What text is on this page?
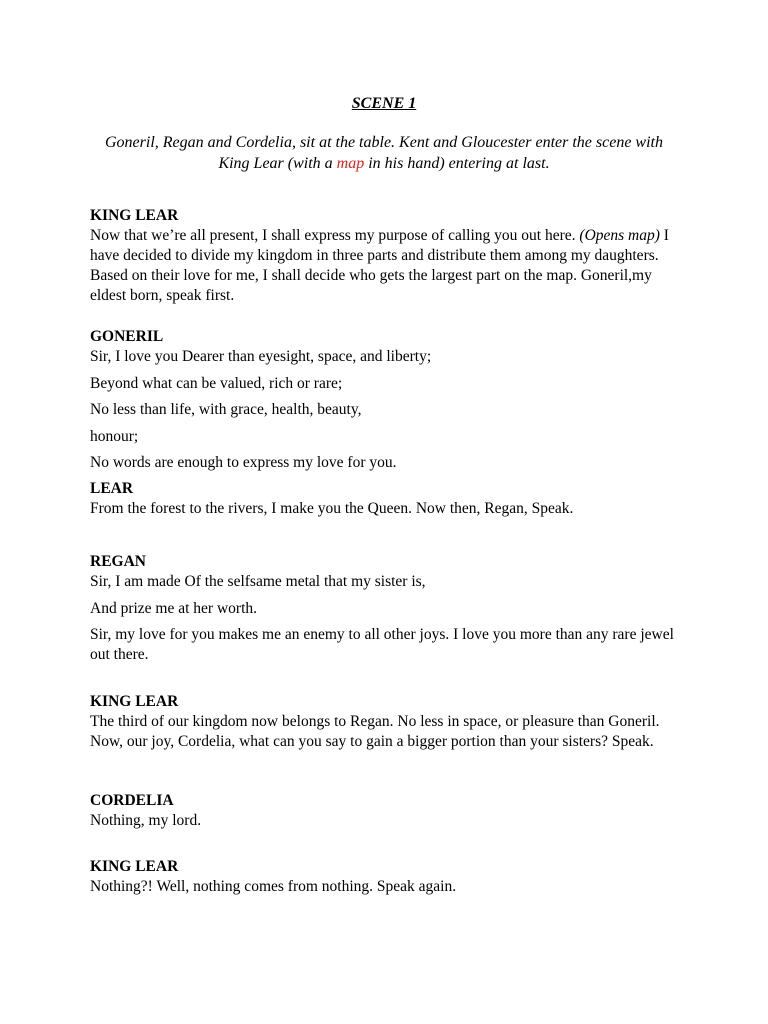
SCENE 1
Goneril, Regan and Cordelia, sit at the table. Kent and Gloucester enter the scene with King Lear (with a map in his hand) entering at last.
KING LEAR
Now that we’re all present, I shall express my purpose of calling you out here. (Opens map) I have decided to divide my kingdom in three parts and distribute them among my daughters. Based on their love for me, I shall decide who gets the largest part on the map. Goneril,my eldest born, speak first.
GONERIL
Sir, I love you Dearer than eyesight, space, and liberty;
Beyond what can be valued, rich or rare;
No less than life, with grace, health, beauty,
honour;
No words are enough to express my love for you.
LEAR
From the forest to the rivers, I make you the Queen. Now then, Regan, Speak.
REGAN
Sir, I am made Of the selfsame metal that my sister is,
And prize me at her worth.
Sir, my love for you makes me an enemy to all other joys. I love you more than any rare jewel out there.
KING LEAR
The third of our kingdom now belongs to Regan. No less in space, or pleasure than Goneril. Now, our joy, Cordelia, what can you say to gain a bigger portion than your sisters? Speak.
CORDELIA
Nothing, my lord.
KING LEAR
Nothing?! Well, nothing comes from nothing. Speak again.
